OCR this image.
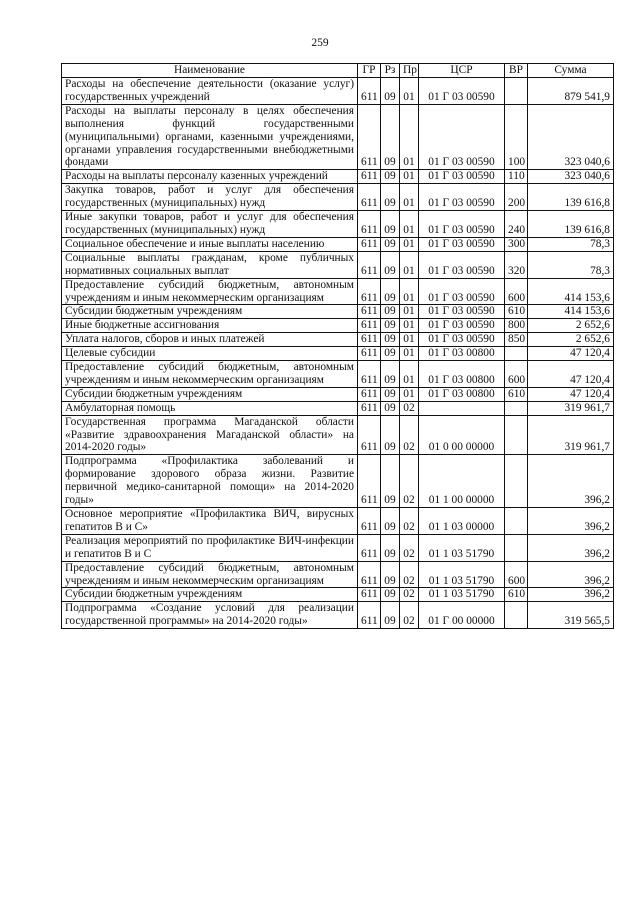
259
Наименование	ГР	Рз	Пр	ЦСР	ВР	Сумма
Расходы на обеспечение деятельности (оказание услуг) государственных учреждений	611	09	01	01 Г 03 00590		879 541,9
Расходы на выплаты персоналу в целях обеспечения выполнения функций государственными (муниципальными) органами, казенными учреждениями, органами управления государственными внебюджетными фондами	611	09	01	01 Г 03 00590	100	323 040,6
Расходы на выплаты персоналу казенных учреждений	611	09	01	01 Г 03 00590	110	323 040,6
Закупка товаров, работ и услуг для обеспечения государственных (муниципальных) нужд	611	09	01	01 Г 03 00590	200	139 616,8
Иные закупки товаров, работ и услуг для обеспечения государственных (муниципальных) нужд	611	09	01	01 Г 03 00590	240	139 616,8
Социальное обеспечение и иные выплаты населению	611	09	01	01 Г 03 00590	300	78,3
Социальные выплаты гражданам, кроме публичных нормативных социальных выплат	611	09	01	01 Г 03 00590	320	78,3
Предоставление субсидий бюджетным, автономным учреждениям и иным некоммерческим организациям	611	09	01	01 Г 03 00590	600	414 153,6
Субсидии бюджетным учреждениям	611	09	01	01 Г 03 00590	610	414 153,6
Иные бюджетные ассигнования	611	09	01	01 Г 03 00590	800	2 652,6
Уплата налогов, сборов и иных платежей	611	09	01	01 Г 03 00590	850	2 652,6
Целевые субсидии	611	09	01	01 Г 03 00800		47 120,4
Предоставление субсидий бюджетным, автономным учреждениям и иным некоммерческим организациям	611	09	01	01 Г 03 00800	600	47 120,4
Субсидии бюджетным учреждениям	611	09	01	01 Г 03 00800	610	47 120,4
Амбулаторная помощь	611	09	02			319 961,7
Государственная программа Магаданской области «Развитие здравоохранения Магаданской области» на 2014-2020 годы»	611	09	02	01 0 00 00000		319 961,7
Подпрограмма «Профилактика заболеваний и формирование здорового образа жизни. Развитие первичной медико-санитарной помощи» на 2014-2020 годы»	611	09	02	01 1 00 00000		396,2
Основное мероприятие «Профилактика ВИЧ, вирусных гепатитов В и С»	611	09	02	01 1 03 00000		396,2
Реализация мероприятий по профилактике ВИЧ-инфекции и гепатитов В и С	611	09	02	01 1 03 51790		396,2
Предоставление субсидий бюджетным, автономным учреждениям и иным некоммерческим организациям	611	09	02	01 1 03 51790	600	396,2
Субсидии бюджетным учреждениям	611	09	02	01 1 03 51790	610	396,2
Подпрограмма «Создание условий для реализации государственной программы» на 2014-2020 годы»	611	09	02	01 Г 00 00000		319 565,5
